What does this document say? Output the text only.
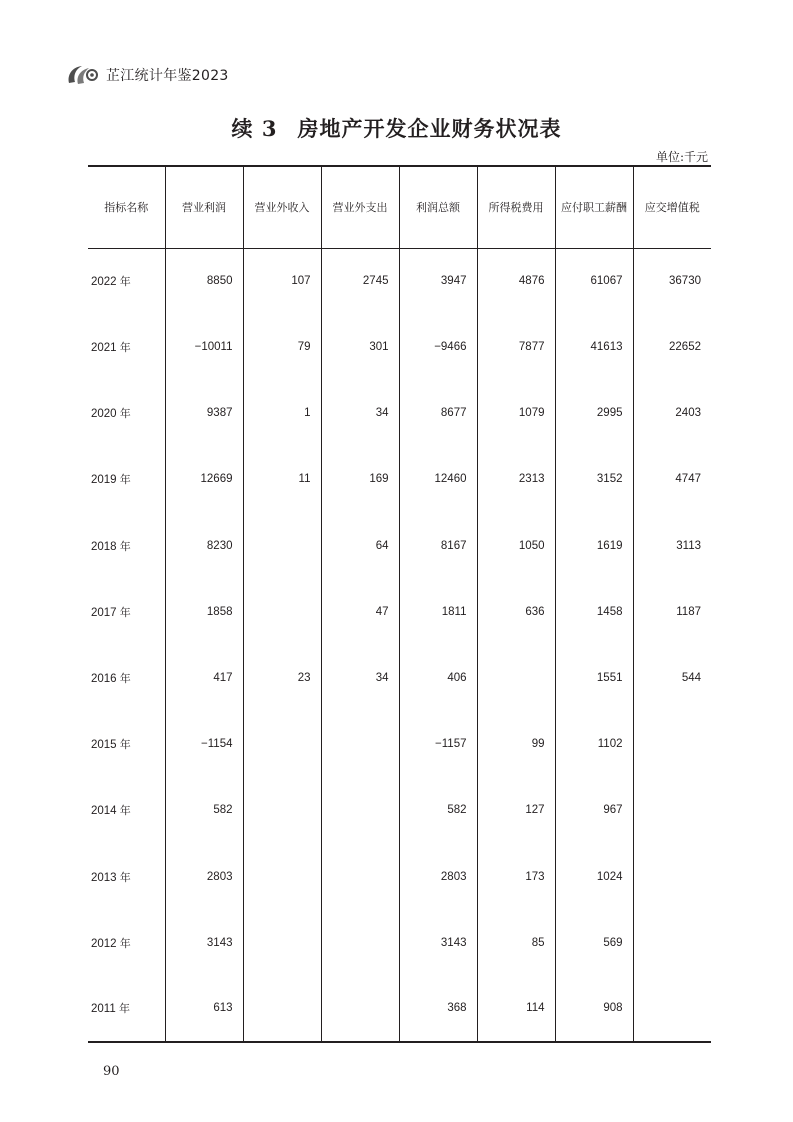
芷江统计年鉴2023
续 3 房地产开发企业财务状况表
单位:千元
指标名称	营业利润	营业外收入	营业外支出	利润总额	所得税费用	应付职工薪酬	应交增值税
2022 年	8850	107	2745	3947	4876	61067	36730
2021 年	−10011	79	301	−9466	7877	41613	22652
2020 年	9387	1	34	8677	1079	2995	2403
2019 年	12669	11	169	12460	2313	3152	4747
2018 年	8230		64	8167	1050	1619	3113
2017 年	1858		47	1811	636	1458	1187
2016 年	417	23	34	406		1551	544
2015 年	−1154			−1157	99	1102	
2014 年	582			582	127	967	
2013 年	2803			2803	173	1024	
2012 年	3143			3143	85	569	
2011 年	613			368	114	908	
90
